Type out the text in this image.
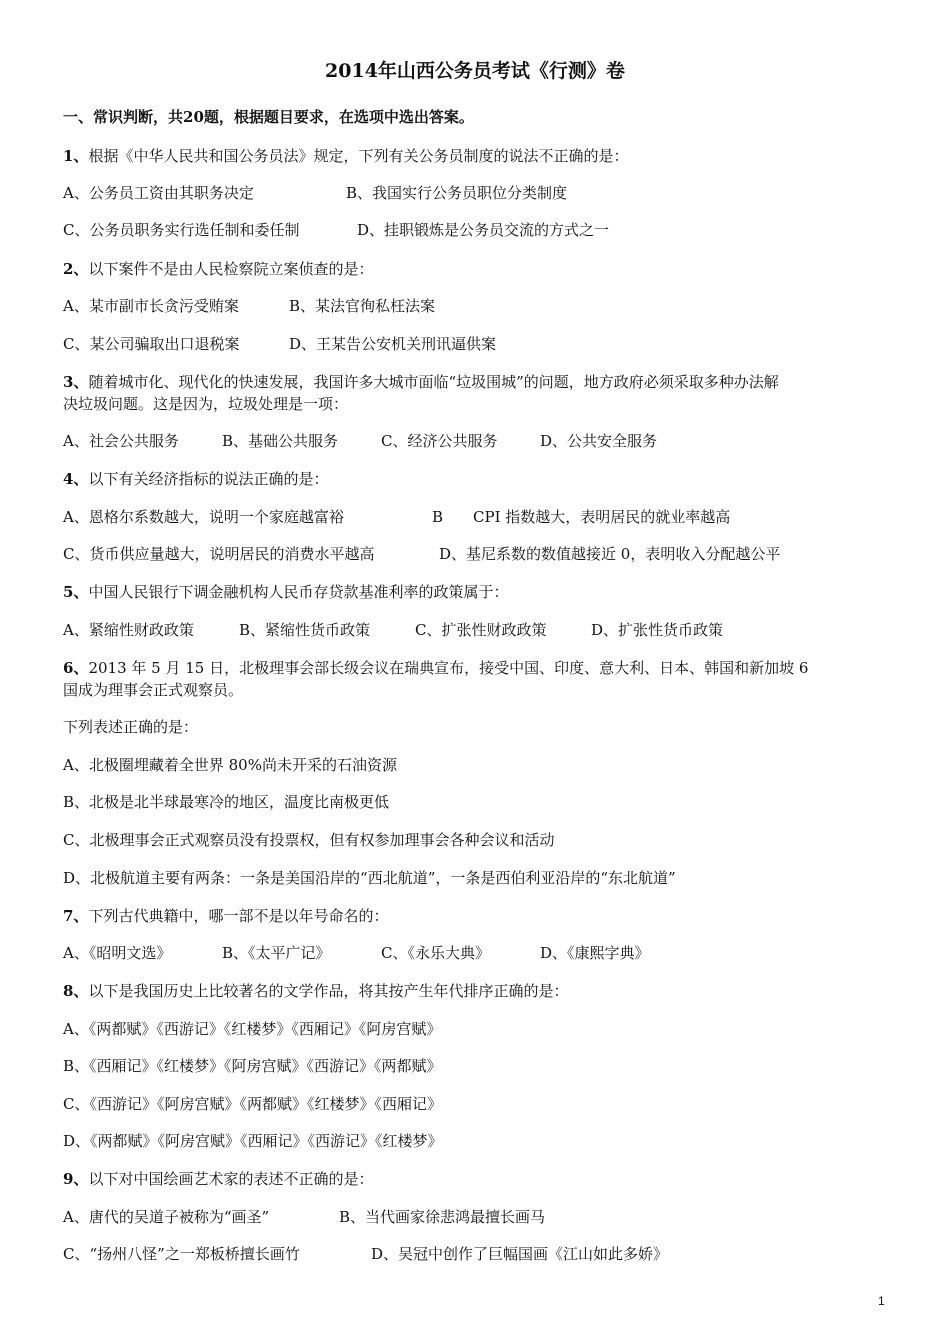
2014年山西公务员考试《行测》卷
一、常识判断，共20题，根据题目要求，在选项中选出答案。
1、根据《中华人民共和国公务员法》规定，下列有关公务员制度的说法不正确的是：
A、公务员工资由其职务决定	B、我国实行公务员职位分类制度
C、公务员职务实行选任制和委任制	D、挂职锻炼是公务员交流的方式之一
2、以下案件不是由人民检察院立案侦查的是：
A、某市副市长贪污受贿案	B、某法官徇私枉法案
C、某公司骗取出口退税案	D、王某告公安机关刑讯逼供案
3、随着城市化、现代化的快速发展，我国许多大城市面临“垃圾围城”的问题，地方政府必须采取多种办法解
决垃圾问题。这是因为，垃圾处理是一项：
A、社会公共服务	B、基础公共服务	C、经济公共服务	D、公共安全服务
4、以下有关经济指标的说法正确的是：
A、恩格尔系数越大，说明一个家庭越富裕	B CPI 指数越大，表明居民的就业率越高
C、货币供应量越大，说明居民的消费水平越高	D、基尼系数的数值越接近 0，表明收入分配越公平
5、中国人民银行下调金融机构人民币存贷款基准利率的政策属于：
A、紧缩性财政政策	B、紧缩性货币政策	C、扩张性财政政策	D、扩张性货币政策
6、2013 年 5 月 15 日，北极理事会部长级会议在瑞典宣布，接受中国、印度、意大利、日本、韩国和新加坡 6
国成为理事会正式观察员。
下列表述正确的是：
A、北极圈埋藏着全世界 80%尚未开采的石油资源
B、北极是北半球最寒冷的地区，温度比南极更低
C、北极理事会正式观察员没有投票权，但有权参加理事会各种会议和活动
D、北极航道主要有两条：一条是美国沿岸的“西北航道”，一条是西伯利亚沿岸的“东北航道”
7、下列古代典籍中，哪一部不是以年号命名的：
A、《昭明文选》	B、《太平广记》	C、《永乐大典》	D、《康熙字典》
8、以下是我国历史上比较著名的文学作品，将其按产生年代排序正确的是：
A、《两都赋》《西游记》《红楼梦》《西厢记》《阿房宫赋》
B、《西厢记》《红楼梦》《阿房宫赋》《西游记》《两都赋》
C、《西游记》《阿房宫赋》《两都赋》《红楼梦》《西厢记》
D、《两都赋》《阿房宫赋》《西厢记》《西游记》《红楼梦》
9、以下对中国绘画艺术家的表述不正确的是：
A、唐代的吴道子被称为“画圣”	B、当代画家徐悲鸿最擅长画马
C、“扬州八怪”之一郑板桥擅长画竹	D、吴冠中创作了巨幅国画《江山如此多娇》
1
